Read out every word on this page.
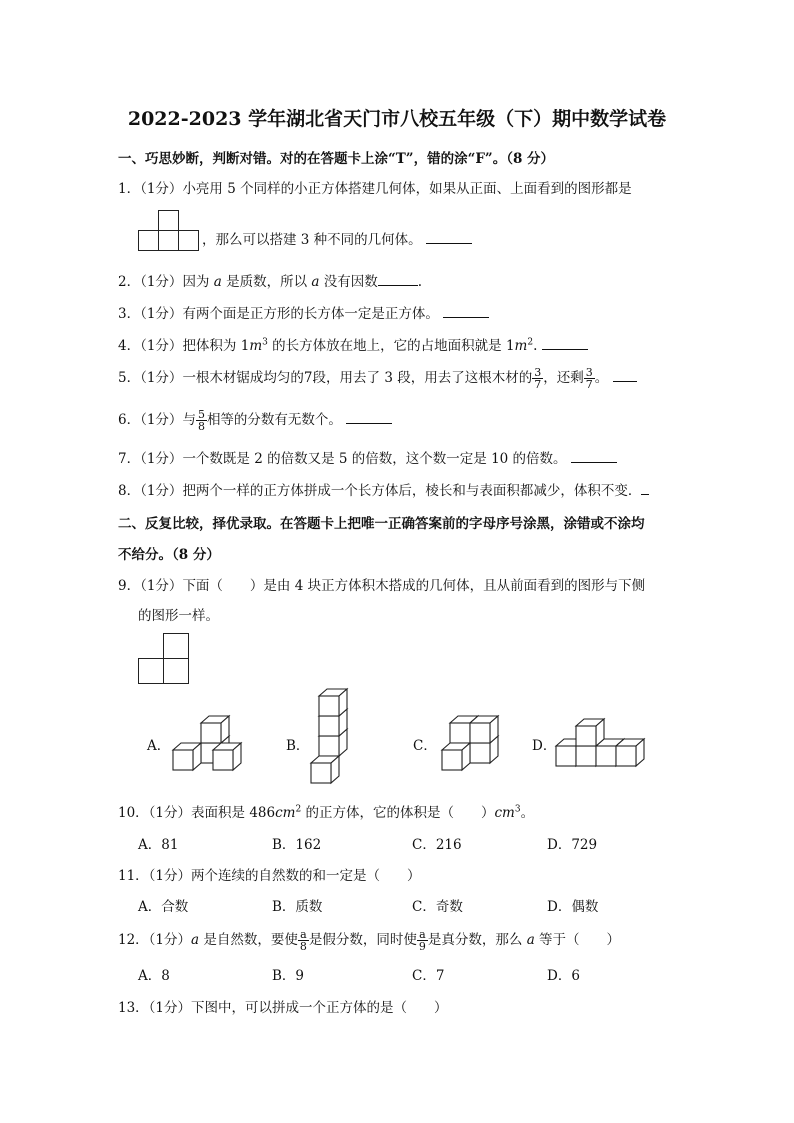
2022-2023 学年湖北省天门市八校五年级（下）期中数学试卷
一、巧思妙断，判断对错。对的在答题卡上涂“T”，错的涂“F”。（8 分）
1．（1分）小亮用 5 个同样的小正方体搭建几何体，如果从正面、上面看到的图形都是
，那么可以搭建 3 种不同的几何体。
2．（1分）因为 a 是质数，所以 a 没有因数	.
3．（1分）有两个面是正方形的长方体一定是正方体。
4．（1分）把体积为 $1m^3$ 的长方体放在地上，它的占地面积就是 $1m^2$.
5．（1分）一根木材锯成均匀的7段，用去了 3 段，用去了这根木材的 $\frac{3}{7}$ ，还剩 $\frac{3}{7}$ 。
6．（1分）与 $\frac{5}{8}$ 相等的分数有无数个。
7．（1分）一个数既是 2 的倍数又是 5 的倍数，这个数一定是 10 的倍数。
8．（1分）把两个一样的正方体拼成一个长方体后，棱长和与表面积都减少，体积不变．
二、反复比较，择优录取。在答题卡上把唯一正确答案前的字母序号涂黑，涂错或不涂均
不给分。（8 分）
9．（1分）下面（　　）是由 4 块正方体积木搭成的几何体，且从前面看到的图形与下侧
的图形一样。
A．	B．	C．	D．
10．（1分）表面积是 $486cm^2$ 的正方体，它的体积是（　　）$cm^3$。
A．81	B．162	C．216	D．729
11．（1分）两个连续的自然数的和一定是（　　）
A．合数	B．质数	C．奇数	D．偶数
12．（1分）a 是自然数，要使 $\frac{a}{8}$ 是假分数，同时使 $\frac{a}{9}$ 是真分数，那么 a 等于（　　）
A．8	B．9	C．7	D．6
13．（1分）下图中，可以拼成一个正方体的是（　　）
